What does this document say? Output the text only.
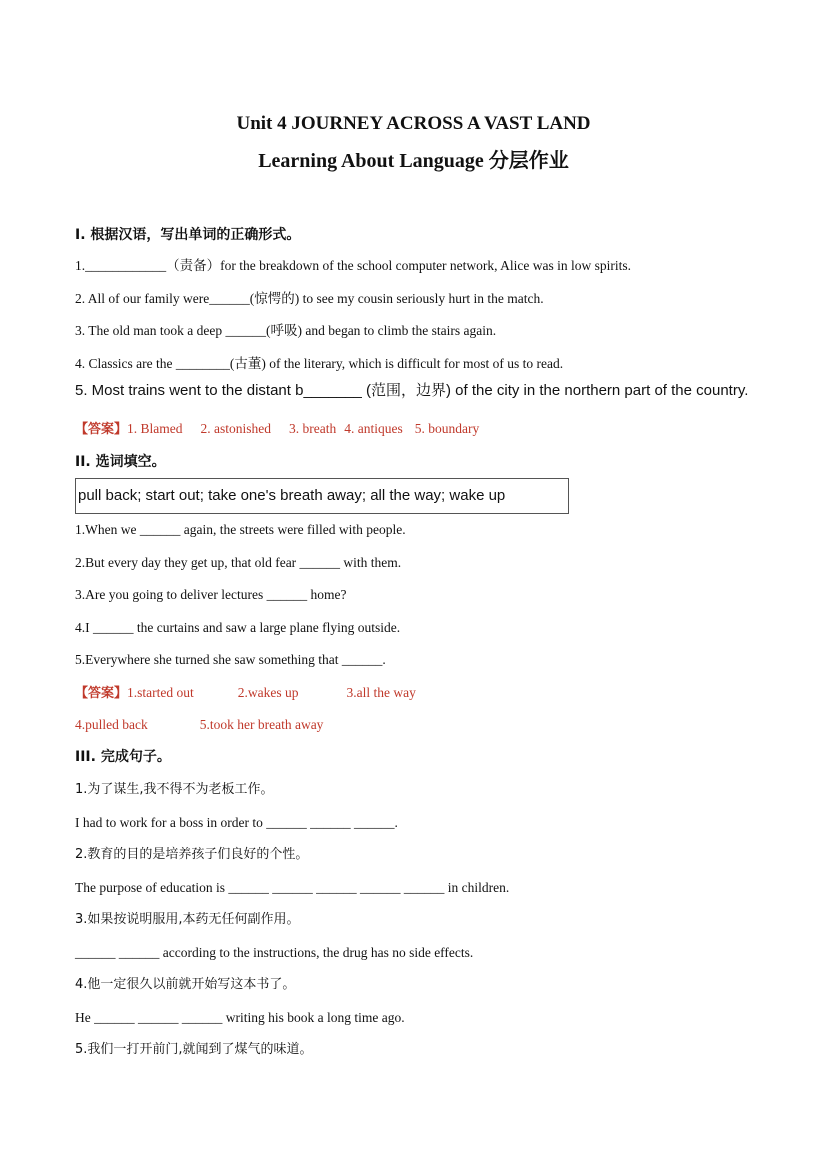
Unit 4 JOURNEY ACROSS A VAST LAND
Learning About Language 分层作业
I. 根据汉语，写出单词的正确形式。
1.____________（责备）for the breakdown of the school computer network, Alice was in low spirits.
2. All of our family were______(惊愕的) to see my cousin seriously hurt in the match.
3. The old man took a deep ______(呼吸) and began to climb the stairs again.
4. Classics are the ________(古董) of the literary, which is difficult for most of us to read.
5. Most trains went to the distant b_______ (范围，边界) of the city in the northern part of the country.
【答案】1. Blamed 2. astonished 3. breath 4. antiques 5. boundary
II. 选词填空。
pull back; start out; take one's breath away; all the way; wake up
1.When we ______ again, the streets were filled with people.
2.But every day they get up, that old fear ______ with them.
3.Are you going to deliver lectures ______ home?
4.I ______ the curtains and saw a large plane flying outside.
5.Everywhere she turned she saw something that ______.
【答案】1.started out	2.wakes up	3.all the way
4.pulled back	5.took her breath away
III. 完成句子。
1.为了谋生,我不得不为老板工作。
I had to work for a boss in order to ______ ______ ______.
2.教育的目的是培养孩子们良好的个性。
The purpose of education is ______ ______ ______ ______ ______ in children.
3.如果按说明服用,本药无任何副作用。
______ ______ according to the instructions, the drug has no side effects.
4.他一定很久以前就开始写这本书了。
He ______ ______ ______ writing his book a long time ago.
5.我们一打开前门,就闻到了煤气的味道。
